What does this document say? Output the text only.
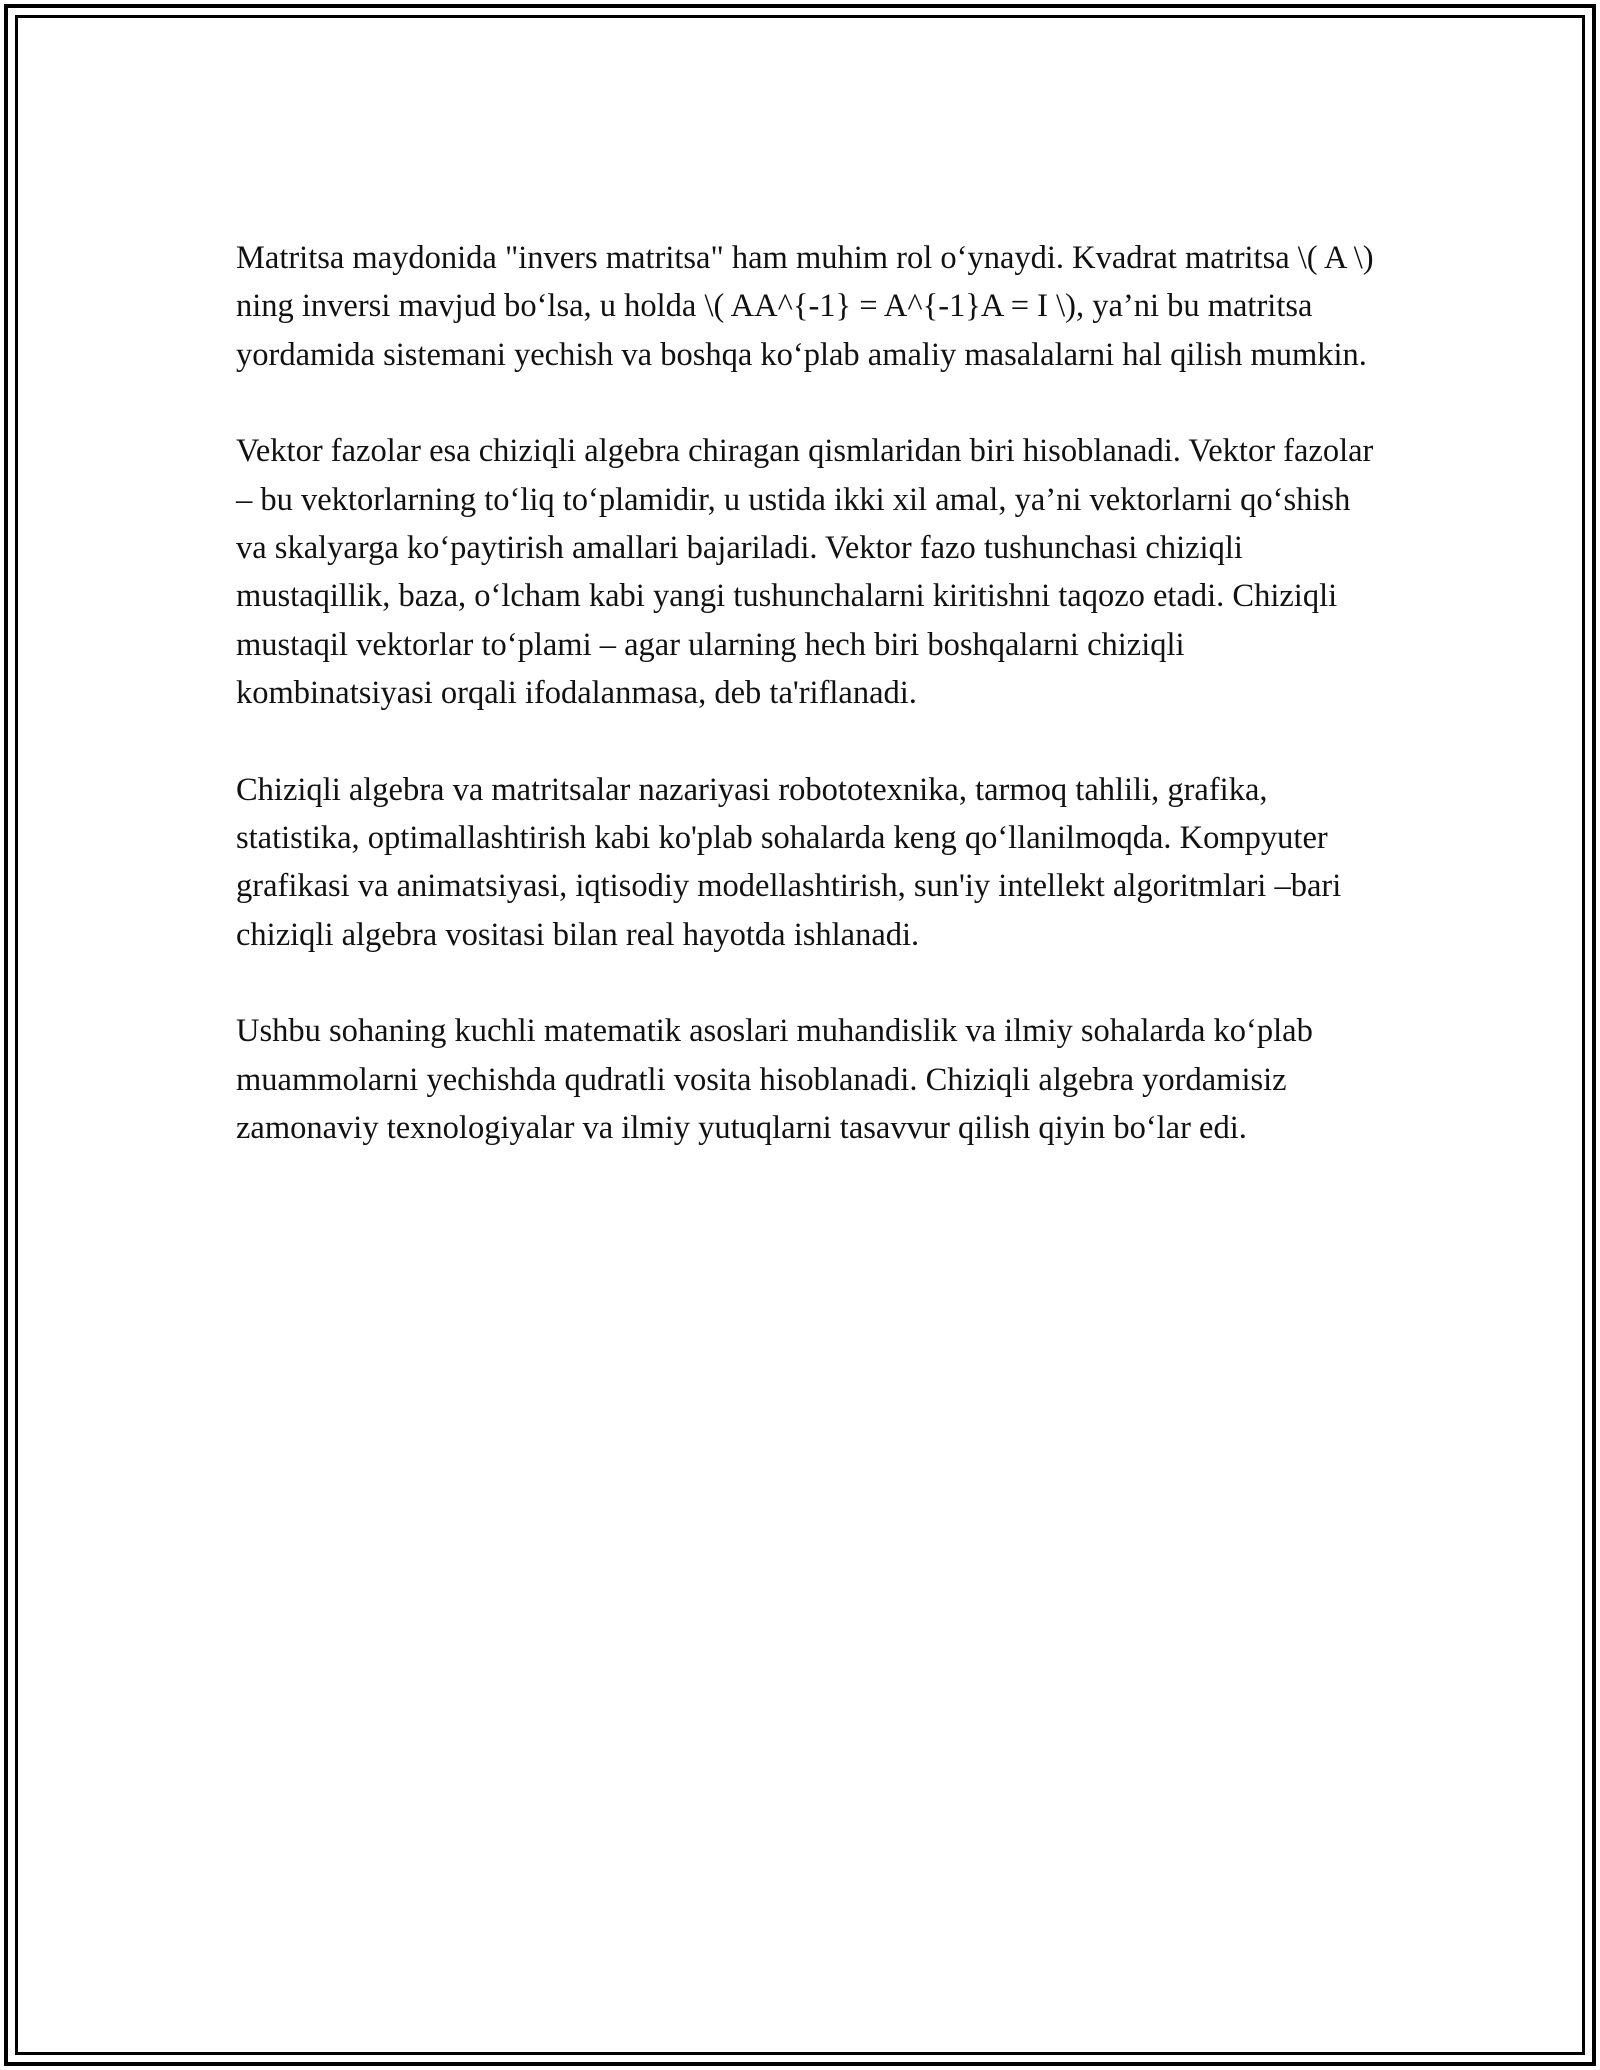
Matritsa maydonida "invers matritsa" ham muhim rol o‘ynaydi. Kvadrat matritsa \( A \) ning inversi mavjud bo‘lsa, u holda \( AA^{-1} = A^{-1}A = I \), ya’ni bu matritsa yordamida sistemani yechish va boshqa ko‘plab amaliy masalalarni hal qilish mumkin.

Vektor fazolar esa chiziqli algebra chiragan qismlaridan biri hisoblanadi. Vektor fazolar – bu vektorlarning to‘liq to‘plamidir, u ustida ikki xil amal, ya’ni vektorlarni qo‘shish va skalyarga ko‘paytirish amallari bajariladi. Vektor fazo tushunchasi chiziqli mustaqillik, baza, o‘lcham kabi yangi tushunchalarni kiritishni taqozo etadi. Chiziqli mustaqil vektorlar to‘plami – agar ularning hech biri boshqalarni chiziqli kombinatsiyasi orqali ifodalanmasa, deb ta'riflanadi.

Chiziqli algebra va matritsalar nazariyasi robototexnika, tarmoq tahlili, grafika, statistika, optimallashtirish kabi ko'plab sohalarda keng qo‘llanilmoqda. Kompyuter grafikasi va animatsiyasi, iqtisodiy modellashtirish, sun'iy intellekt algoritmlari –bari chiziqli algebra vositasi bilan real hayotda ishlanadi.

Ushbu sohaning kuchli matematik asoslari muhandislik va ilmiy sohalarda ko‘plab muammolarni yechishda qudratli vosita hisoblanadi. Chiziqli algebra yordamisiz zamonaviy texnologiyalar va ilmiy yutuqlarni tasavvur qilish qiyin bo‘lar edi.
